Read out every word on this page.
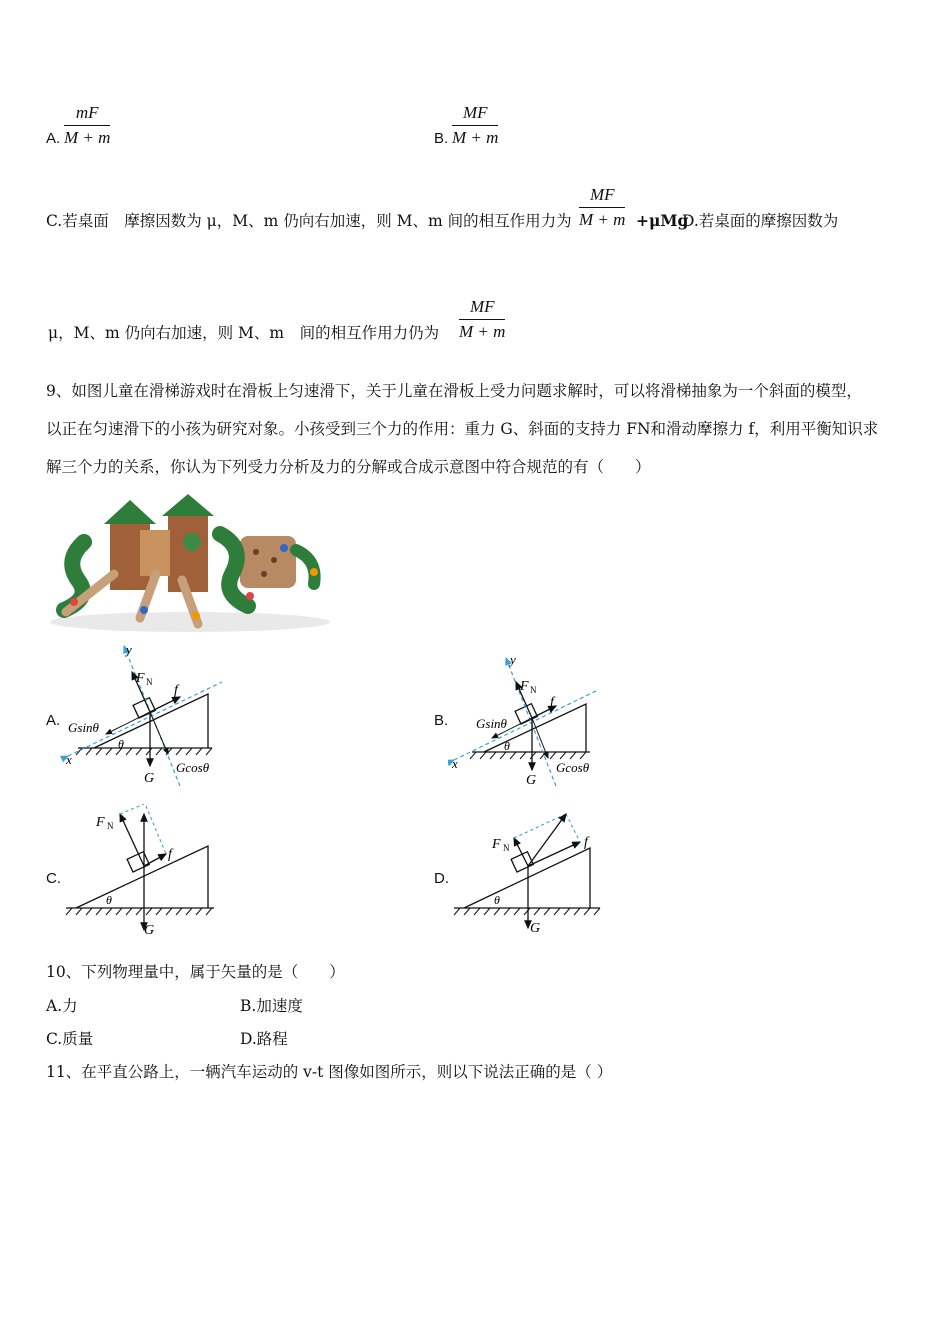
A.
mF
M + m	B.
MF
M + m
C.若桌面　摩擦因数为 μ，M、m 仍向右加速，则 M、m 间的相互作用力为
MF
M + m +μMg
D.若桌面的摩擦因数为
μ，M、m 仍向右加速，则 M、m　间的相互作用力仍为
MF
M + m
9、如图儿童在滑梯游戏时在滑板上匀速滑下，关于儿童在滑板上受力问题求解时，可以将滑梯抽象为一个斜面的模型，
以正在匀速滑下的小孩为研究对象。小孩受到三个力的作用：重力 G、斜面的支持力 FN和滑动摩擦力 f，利用平衡知识求
解三个力的关系，你认为下列受力分析及力的分解或合成示意图中符合规范的有（　　）
A.	B.
C.	D.
y
F N
f
Gsinθ
θ
x
G
Gcosθ
y
F N
f
Gsinθ
θ
x
G
Gcosθ
F N
f
θ
G
F N	f
θ
G
10、下列物理量中，属于矢量的是（　　）
A.力	B.加速度
C.质量	D.路程
11、在平直公路上，一辆汽车运动的 v-t 图像如图所示，则以下说法正确的是（ ）
